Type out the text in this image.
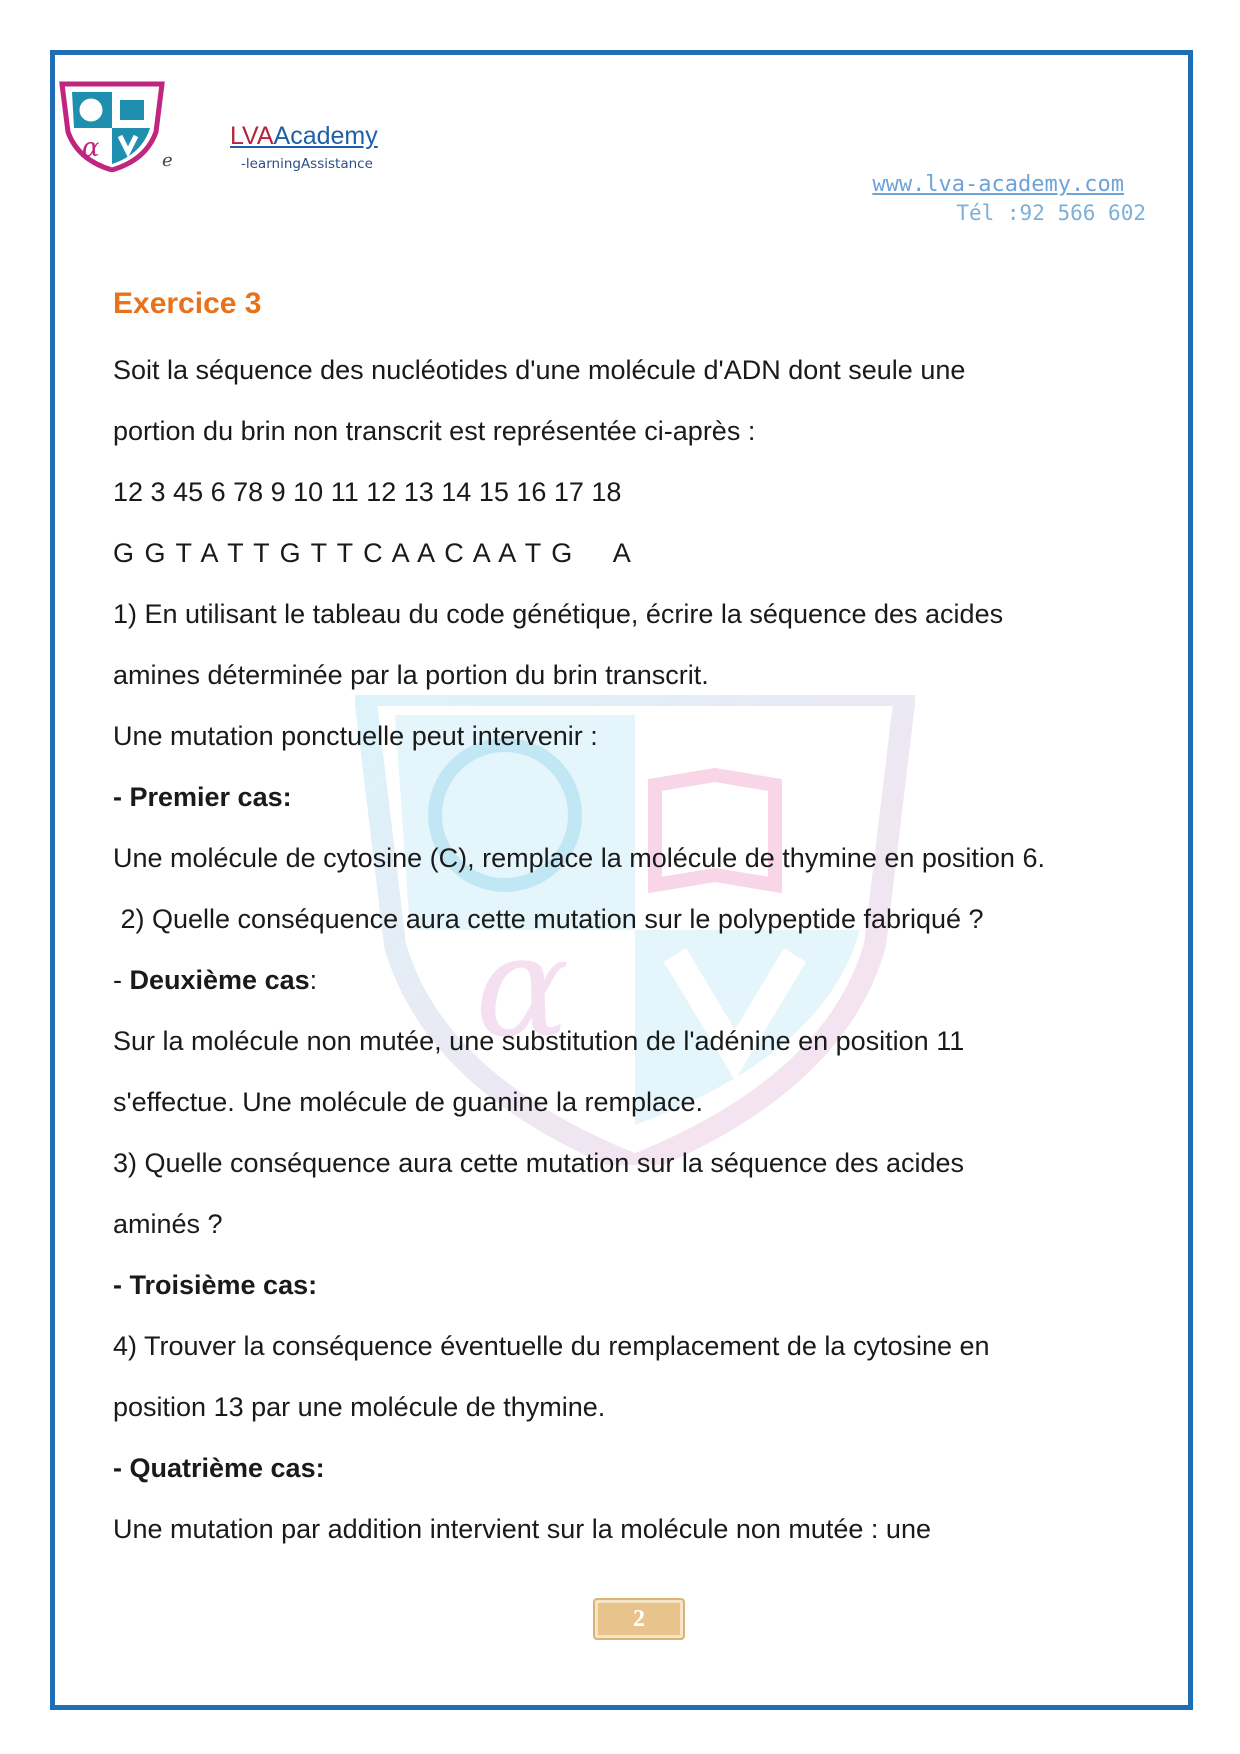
α
α	e
LVAAcademy
-learningAssistance
www.lva-academy.com
Tél :92 566 602

Exercice 3

Soit la séquence des nucléotides d'une molécule d'ADN dont seule une

portion du brin non transcrit est représentée ci-après :

12 3 45 6 78 9 10 11 12 13 14 15 16 17 18

G G T A T T G T T C A A C A A T G A

1) En utilisant le tableau du code génétique, écrire la séquence des acides

amines déterminée par la portion du brin transcrit.

Une mutation ponctuelle peut intervenir :

- Premier cas:

Une molécule de cytosine (C), remplace la molécule de thymine en position 6.

2) Quelle conséquence aura cette mutation sur le polypeptide fabriqué ?

- Deuxième cas:

Sur la molécule non mutée, une substitution de l'adénine en position 11

s'effectue. Une molécule de guanine la remplace.

3) Quelle conséquence aura cette mutation sur la séquence des acides

aminés ?

- Troisième cas:

4) Trouver la conséquence éventuelle du remplacement de la cytosine en

position 13 par une molécule de thymine.

- Quatrième cas:

Une mutation par addition intervient sur la molécule non mutée : une

2
